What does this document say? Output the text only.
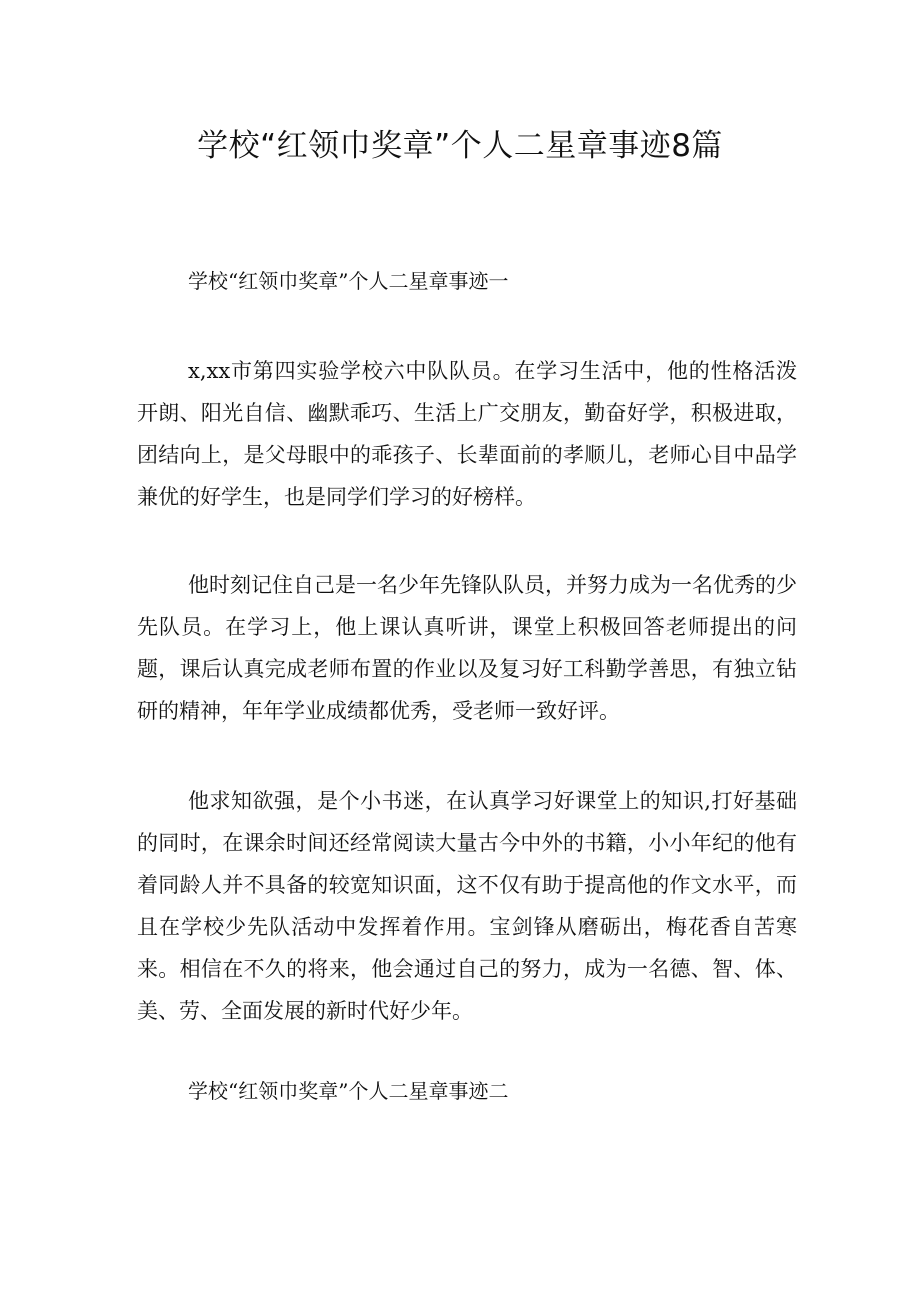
学校“红领巾奖章”个人二星章事迹8篇

学校“红领巾奖章”个人二星章事迹一

x,xx市第四实验学校六中队队员。在学习生活中，他的性格活泼开朗、阳光自信、幽默乖巧、生活上广交朋友，勤奋好学，积极进取，团结向上，是父母眼中的乖孩子、长辈面前的孝顺儿，老师心目中品学兼优的好学生，也是同学们学习的好榜样。

他时刻记住自己是一名少年先锋队队员，并努力成为一名优秀的少先队员。在学习上，他上课认真听讲，课堂上积极回答老师提出的问题，课后认真完成老师布置的作业以及复习好工科勤学善思，有独立钻研的精神，年年学业成绩都优秀，受老师一致好评。

他求知欲强，是个小书迷，在认真学习好课堂上的知识,打好基础的同时，在课余时间还经常阅读大量古今中外的书籍，小小年纪的他有着同龄人并不具备的较宽知识面，这不仅有助于提高他的作文水平，而且在学校少先队活动中发挥着作用。宝剑锋从磨砺出，梅花香自苦寒来。相信在不久的将来，他会通过自己的努力，成为一名德、智、体、美、劳、全面发展的新时代好少年。

学校“红领巾奖章”个人二星章事迹二
